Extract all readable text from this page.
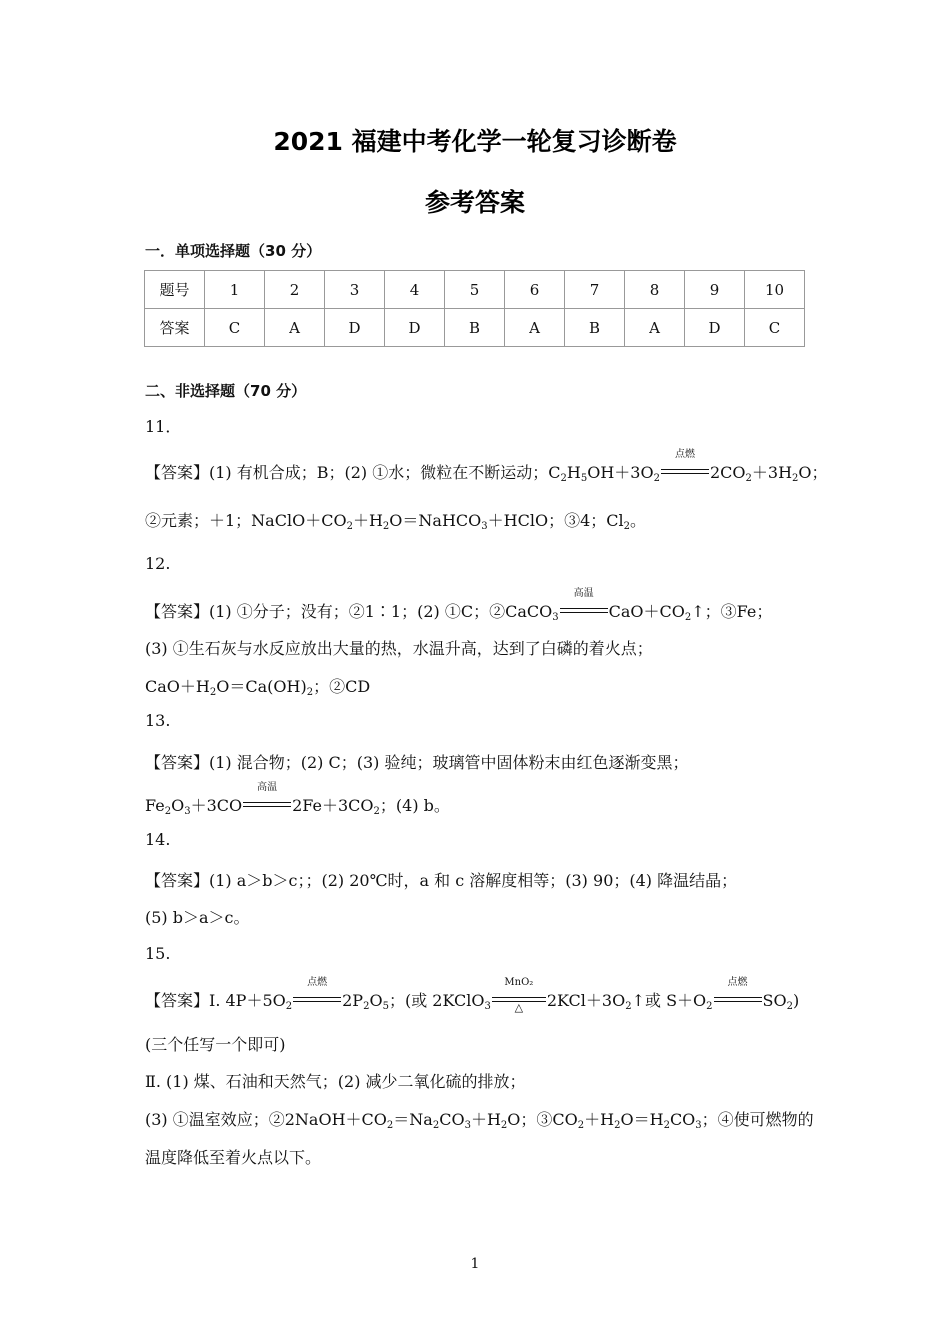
2021 福建中考化学一轮复习诊断卷
参考答案
一．单项选择题（30 分）
题号	1	2	3	4	5	6	7	8	9	10
答案	C	A	D	D	B	A	B	A	D	C
二、非选择题（70 分）
11．
【答案】(1) 有机合成；B；(2) ①水；微粒在不断运动；$C_2H_5OH+3O_2$
点燃
$2CO_2+3H_2O$；
②元素；＋1；$NaClO+CO_2+H_2O=NaHCO_3+HClO$；③4；$Cl_2$。
12.
【答案】(1) ①分子；没有；②1∶1；(2) ①C；②CaCO$_3$
高温
$CaO+CO_2↑$；③Fe；
(3) ①生石灰与水反应放出大量的热，水温升高，达到了白磷的着火点；
$CaO+H_2O=Ca(OH)_2$；②CD
13.
【答案】(1) 混合物；(2) C；(3) 验纯；玻璃管中固体粉末由红色逐渐变黑；
$Fe_2O_3+3CO$
高温
$2Fe+3CO_2$；(4) b。
14.
【答案】(1) a＞b＞c；；(2) 20℃时，a 和 c 溶解度相等；(3) 90；(4) 降温结晶；
(5) b＞a＞c。
15.
【答案】I. $4P+5O_2$
点燃
$2P_2O_5$；(或 2KClO$_3$
MnO₂
△	$2KCl+3O_2↑$或 $S+O_2$
点燃
$SO_2$)
(三个任写一个即可)
Ⅱ. (1) 煤、石油和天然气；(2) 减少二氧化硫的排放；
(3) ①温室效应；$②2NaOH+CO_2=Na_2CO_3+H_2O$；$③CO_2+H_2O=H_2CO_3$；④使可燃物的
温度降低至着火点以下。
1
